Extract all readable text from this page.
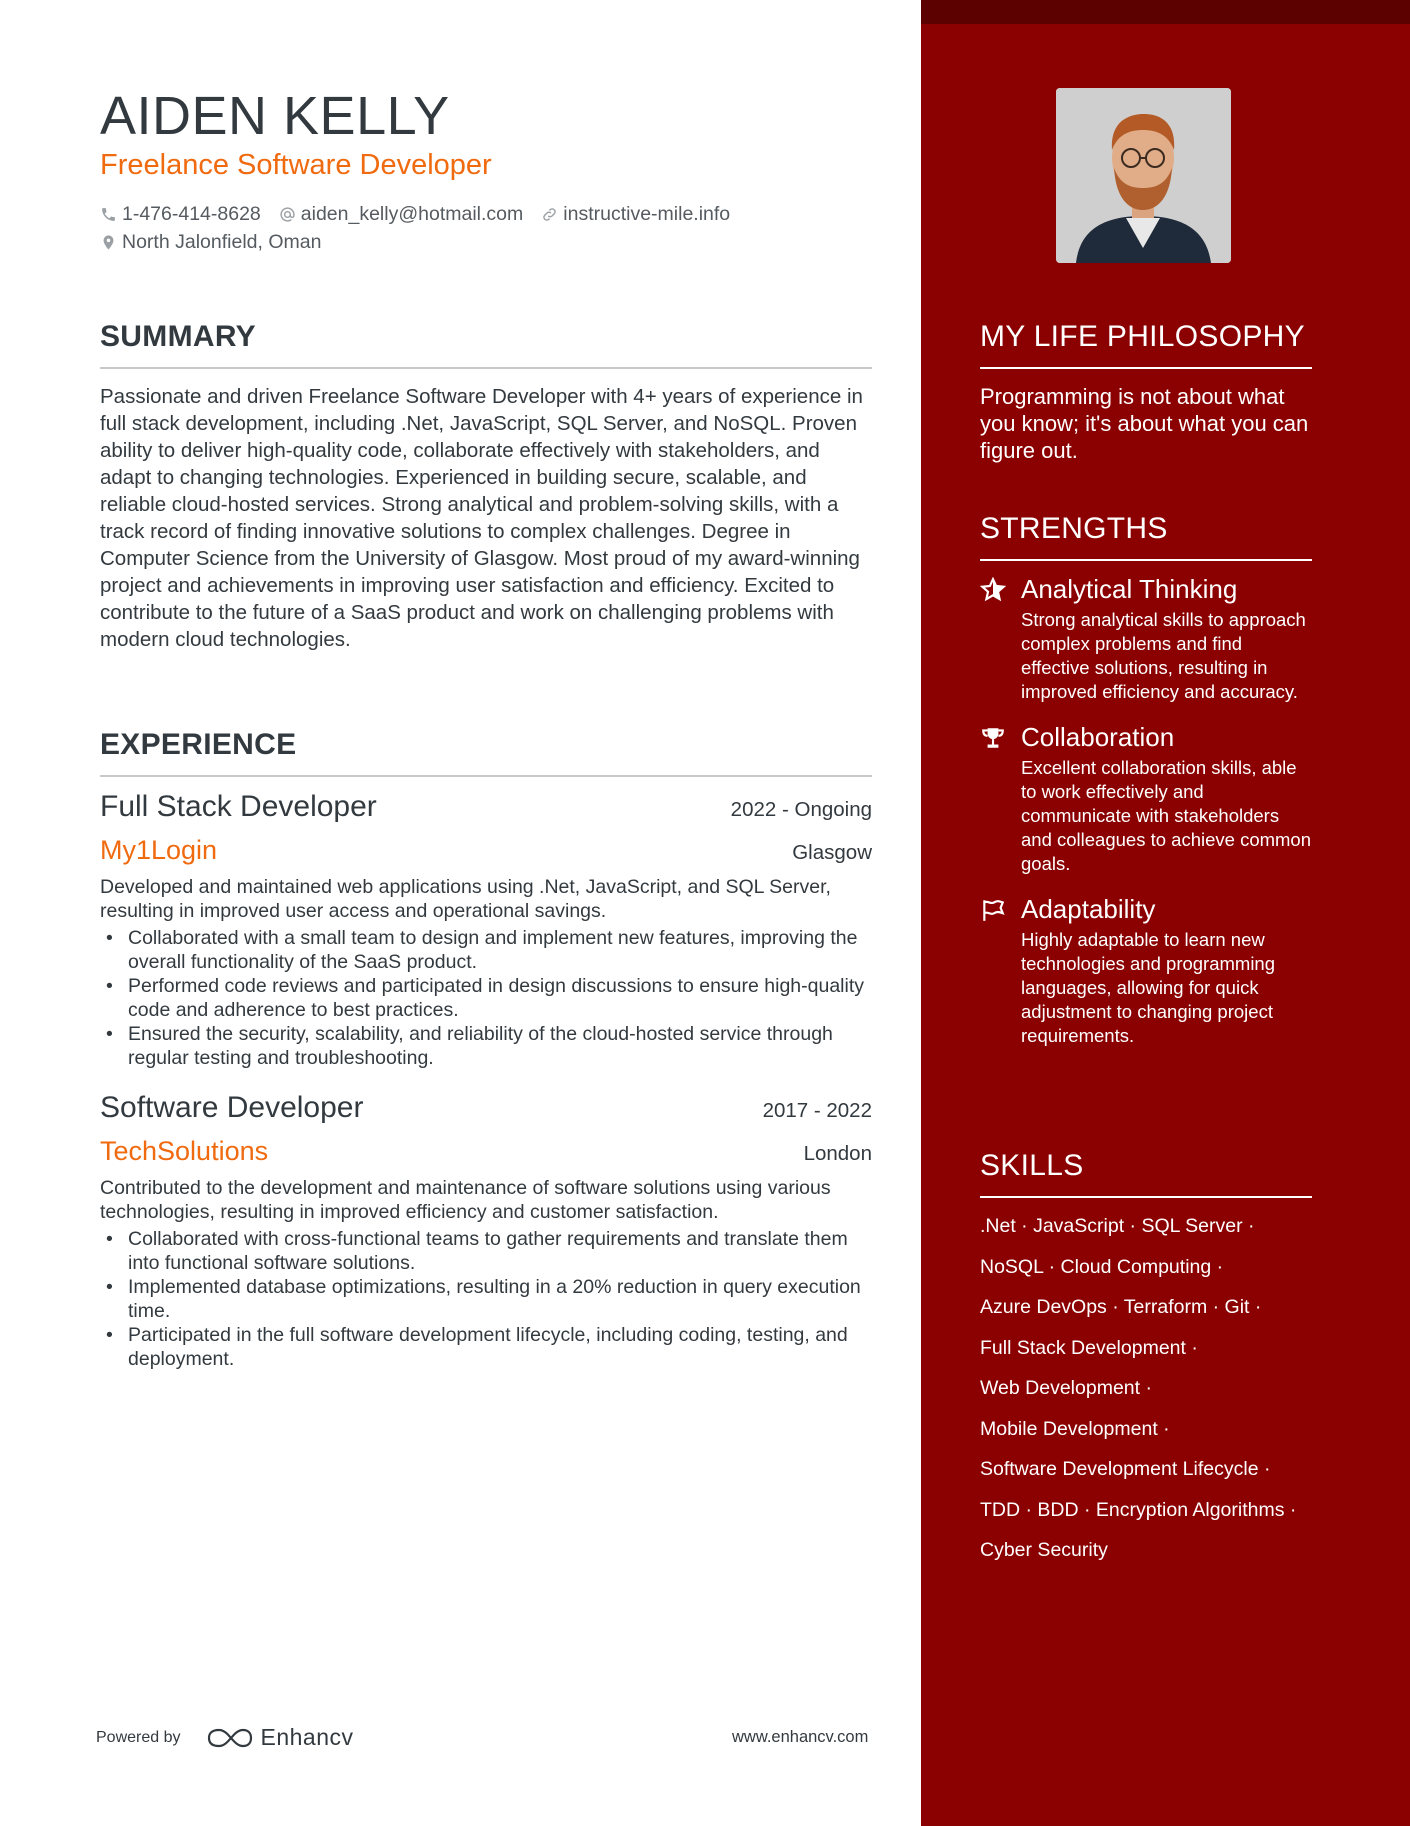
AIDEN KELLY
Freelance Software Developer
1-476-414-8628 aiden_kelly@hotmail.com instructive-mile.info
North Jalonfield, Oman
SUMMARY

Passionate and driven Freelance Software Developer with 4+ years of experience in full stack development, including .Net, JavaScript, SQL Server, and NoSQL. Proven ability to deliver high-quality code, collaborate effectively with stakeholders, and adapt to changing technologies. Experienced in building secure, scalable, and reliable cloud-hosted services. Strong analytical and problem-solving skills, with a track record of finding innovative solutions to complex challenges. Degree in Computer Science from the University of Glasgow. Most proud of my award-winning project and achievements in improving user satisfaction and efficiency. Excited to contribute to the future of a SaaS product and work on challenging problems with modern cloud technologies.

EXPERIENCE
Full Stack Developer	2022 - Ongoing
My1Login	Glasgow

Developed and maintained web applications using .Net, JavaScript, and SQL Server, resulting in improved user access and operational savings.

• Collaborated with a small team to design and implement new features, improving the overall functionality of the SaaS product.
• Performed code reviews and participated in design discussions to ensure high-quality code and adherence to best practices.
• Ensured the security, scalability, and reliability of the cloud-hosted service through regular testing and troubleshooting.
Software Developer	2017 - 2022
TechSolutions	London

Contributed to the development and maintenance of software solutions using various technologies, resulting in improved efficiency and customer satisfaction.

• Collaborated with cross-functional teams to gather requirements and translate them into functional software solutions.
• Implemented database optimizations, resulting in a 20% reduction in query execution time.
• Participated in the full software development lifecycle, including coding, testing, and deployment.
Powered by	Enhancv	www.enhancv.com
MY LIFE PHILOSOPHY

Programming is not about what you know; it's about what you can figure out.

STRENGTHS
Analytical Thinking

Strong analytical skills to approach complex problems and find effective solutions, resulting in improved efficiency and accuracy.

Collaboration

Excellent collaboration skills, able to work effectively and communicate with stakeholders and colleagues to achieve common goals.

Adaptability

Highly adaptable to learn new technologies and programming languages, allowing for quick adjustment to changing project requirements.

SKILLS
.Net · JavaScript · SQL Server ·
NoSQL · Cloud Computing ·
Azure DevOps · Terraform · Git ·
Full Stack Development ·
Web Development ·
Mobile Development ·
Software Development Lifecycle ·
TDD · BDD · Encryption Algorithms ·
Cyber Security
